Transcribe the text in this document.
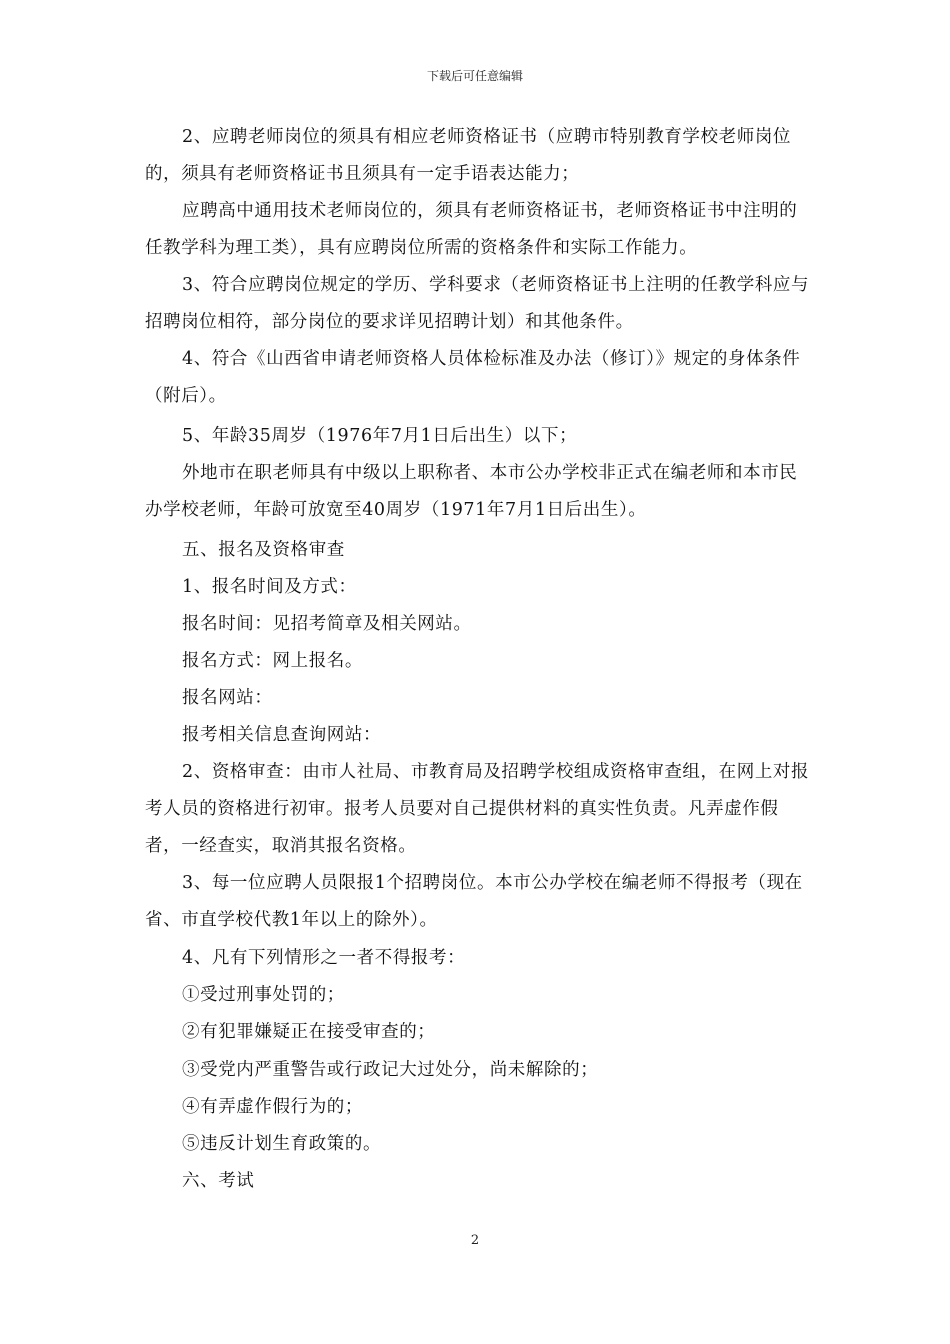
下载后可任意编辑

2、应聘老师岗位的须具有相应老师资格证书（应聘市特别教育学校老师岗位的，须具有老师资格证书且须具有一定手语表达能力；

应聘高中通用技术老师岗位的，须具有老师资格证书，老师资格证书中注明的任教学科为理工类），具有应聘岗位所需的资格条件和实际工作能力。

3、符合应聘岗位规定的学历、学科要求（老师资格证书上注明的任教学科应与招聘岗位相符，部分岗位的要求详见招聘计划）和其他条件。

4、符合《山西省申请老师资格人员体检标准及办法（修订）》规定的身体条件（附后）。

5、年龄35周岁（1976年7月1日后出生）以下；

外地市在职老师具有中级以上职称者、本市公办学校非正式在编老师和本市民办学校老师，年龄可放宽至40周岁（1971年7月1日后出生）。

五、报名及资格审查

1、报名时间及方式：

报名时间：见招考简章及相关网站。

报名方式：网上报名。

报名网站：

报考相关信息查询网站：

2、资格审查：由市人社局、市教育局及招聘学校组成资格审查组，在网上对报考人员的资格进行初审。报考人员要对自己提供材料的真实性负责。凡弄虚作假者，一经查实，取消其报名资格。

3、每一位应聘人员限报1个招聘岗位。本市公办学校在编老师不得报考（现在省、市直学校代教1年以上的除外）。

4、凡有下列情形之一者不得报考：

①受过刑事处罚的；

②有犯罪嫌疑正在接受审查的；

③受党内严重警告或行政记大过处分，尚未解除的；

④有弄虚作假行为的；

⑤违反计划生育政策的。

六、考试

2
